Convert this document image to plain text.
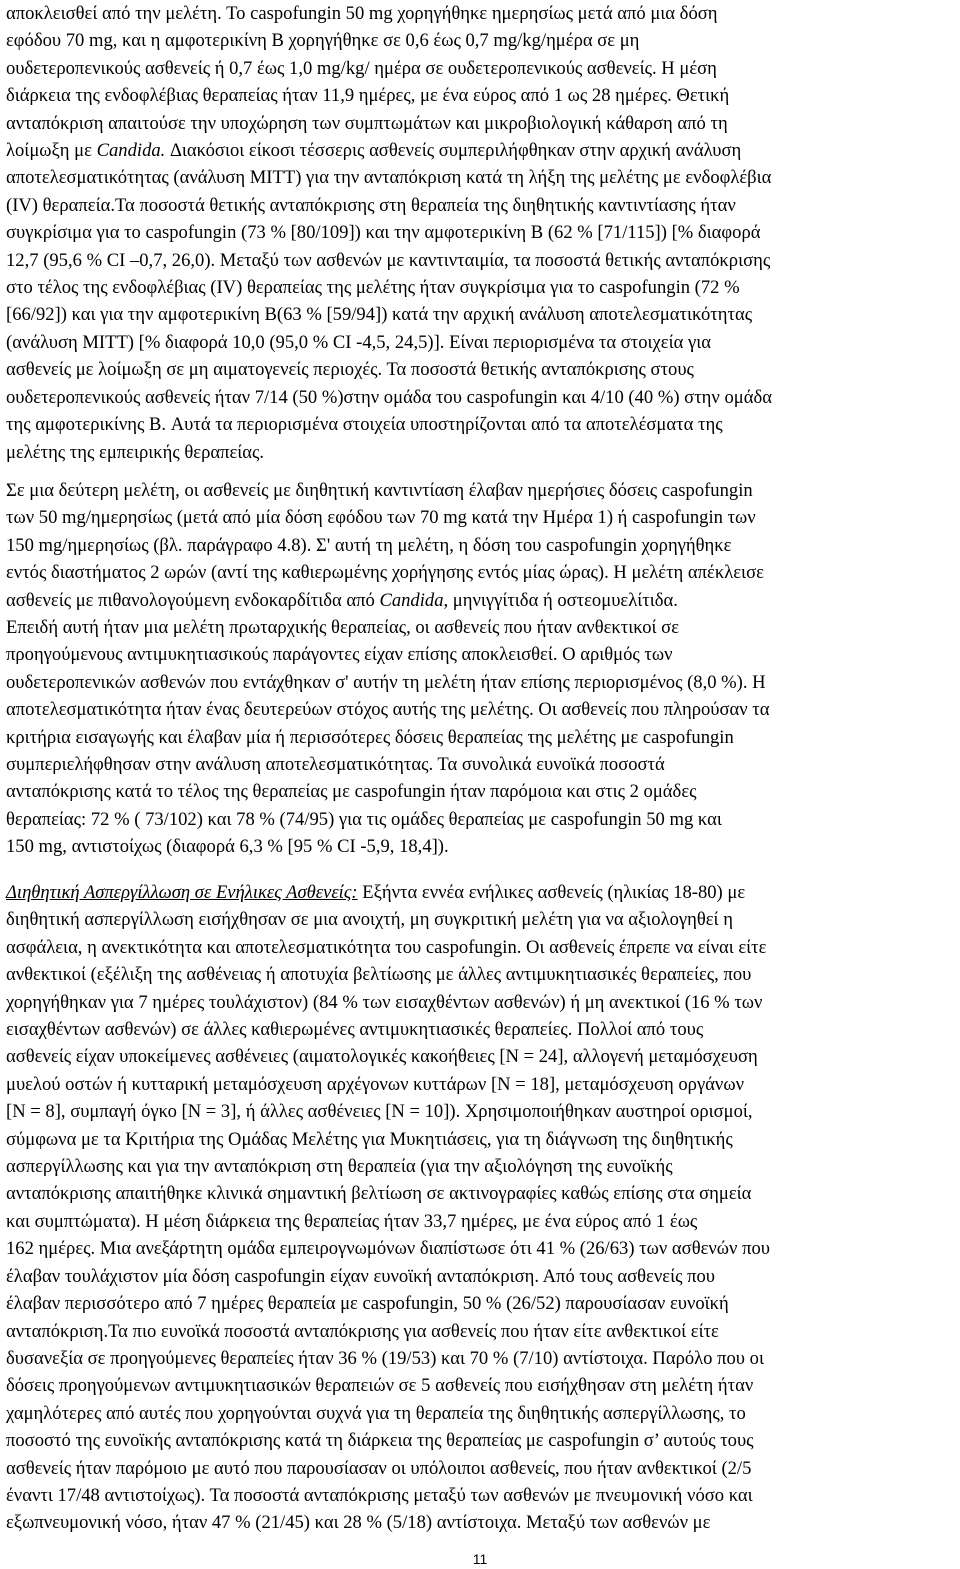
αποκλεισθεί από την μελέτη. Το caspofungin 50 mg χορηγήθηκε ημερησίως μετά από μια δόση
εφόδου 70 mg, και η αμφοτερικίνη B χορηγήθηκε σε 0,6 έως 0,7 mg/kg/ημέρα σε μη
ουδετεροπενικούς ασθενείς ή 0,7 έως 1,0 mg/kg/ ημέρα σε ουδετεροπενικούς ασθενείς. Η μέση
διάρκεια της ενδοφλέβιας θεραπείας ήταν 11,9 ημέρες, με ένα εύρος από 1 ως 28 ημέρες. Θετική
ανταπόκριση απαιτούσε την υποχώρηση των συμπτωμάτων και μικροβιολογική κάθαρση από τη
λοίμωξη με Candida. Διακόσιοι είκοσι τέσσερις ασθενείς συμπεριλήφθηκαν στην αρχική ανάλυση
αποτελεσματικότητας (ανάλυση MITT) για την ανταπόκριση κατά τη λήξη της μελέτης με ενδοφλέβια
(IV) θεραπεία.Τα ποσοστά θετικής ανταπόκρισης στη θεραπεία της διηθητικής καντιντίασης ήταν
συγκρίσιμα για το caspofungin (73 % [80/109]) και την αμφοτερικίνη B (62 % [71/115]) [% διαφορά
12,7 (95,6 % CI –0,7, 26,0). Μεταξύ των ασθενών με καντινταιμία, τα ποσοστά θετικής ανταπόκρισης
στο τέλος της ενδοφλέβιας (IV) θεραπείας της μελέτης ήταν συγκρίσιμα για το caspofungin (72 %
[66/92]) και για την αμφοτερικίνη B(63 % [59/94]) κατά την αρχική ανάλυση αποτελεσματικότητας
(ανάλυση MITT) [% διαφορά 10,0 (95,0 % CI -4,5, 24,5)]. Είναι περιορισμένα τα στοιχεία για
ασθενείς με λοίμωξη σε μη αιματογενείς περιοχές. Τα ποσοστά θετικής ανταπόκρισης στους
ουδετεροπενικούς ασθενείς ήταν 7/14 (50 %)στην ομάδα του caspofungin και 4/10 (40 %) στην ομάδα
της αμφοτερικίνης B. Αυτά τα περιορισμένα στοιχεία υποστηρίζονται από τα αποτελέσματα της
μελέτης της εμπειρικής θεραπείας.
Σε μια δεύτερη μελέτη, οι ασθενείς με διηθητική καντιντίαση έλαβαν ημερήσιες δόσεις caspofungin
των 50 mg/ημερησίως (μετά από μία δόση εφόδου των 70 mg κατά την Ημέρα 1) ή caspofungin των
150 mg/ημερησίως (βλ. παράγραφο 4.8). Σ' αυτή τη μελέτη, η δόση του caspofungin χορηγήθηκε
εντός διαστήματος 2 ωρών (αντί της καθιερωμένης χορήγησης εντός μίας ώρας). Η μελέτη απέκλεισε
ασθενείς με πιθανολογούμενη ενδοκαρδίτιδα από Candida, μηνιγγίτιδα ή οστεομυελίτιδα.
Επειδή αυτή ήταν μια μελέτη πρωταρχικής θεραπείας, οι ασθενείς που ήταν ανθεκτικοί σε
προηγούμενους αντιμυκητιασικούς παράγοντες είχαν επίσης αποκλεισθεί. Ο αριθμός των
ουδετεροπενικών ασθενών που εντάχθηκαν σ' αυτήν τη μελέτη ήταν επίσης περιορισμένος (8,0 %). Η
αποτελεσματικότητα ήταν ένας δευτερεύων στόχος αυτής της μελέτης. Οι ασθενείς που πληρούσαν τα
κριτήρια εισαγωγής και έλαβαν μία ή περισσότερες δόσεις θεραπείας της μελέτης με caspofungin
συμπεριελήφθησαν στην ανάλυση αποτελεσματικότητας. Τα συνολικά ευνοϊκά ποσοστά
ανταπόκρισης κατά το τέλος της θεραπείας με caspofungin ήταν παρόμοια και στις 2 ομάδες
θεραπείας: 72 % ( 73/102) και 78 % (74/95) για τις ομάδες θεραπείας με caspofungin 50 mg και
150 mg, αντιστοίχως (διαφορά 6,3 % [95 % CI -5,9, 18,4]).
Διηθητική Ασπεργίλλωση σε Ενήλικες Ασθενείς: Εξήντα εννέα ενήλικες ασθενείς (ηλικίας 18-80) με
διηθητική ασπεργίλλωση εισήχθησαν σε μια ανοιχτή, μη συγκριτική μελέτη για να αξιολογηθεί η
ασφάλεια, η ανεκτικότητα και αποτελεσματικότητα του caspofungin. Οι ασθενείς έπρεπε να είναι είτε
ανθεκτικοί (εξέλιξη της ασθένειας ή αποτυχία βελτίωσης με άλλες αντιμυκητιασικές θεραπείες, που
χορηγήθηκαν για 7 ημέρες τουλάχιστον) (84 % των εισαχθέντων ασθενών) ή μη ανεκτικοί (16 % των
εισαχθέντων ασθενών) σε άλλες καθιερωμένες αντιμυκητιασικές θεραπείες. Πολλοί από τους
ασθενείς είχαν υποκείμενες ασθένειες (αιματολογικές κακοήθειες [N = 24], αλλογενή μεταμόσχευση
μυελού οστών ή κυτταρική μεταμόσχευση αρχέγονων κυττάρων [N = 18], μεταμόσχευση οργάνων
[N = 8], συμπαγή όγκο [N = 3], ή άλλες ασθένειες [N = 10]). Χρησιμοποιήθηκαν αυστηροί ορισμοί,
σύμφωνα με τα Κριτήρια της Ομάδας Μελέτης για Μυκητιάσεις, για τη διάγνωση της διηθητικής
ασπεργίλλωσης και για την ανταπόκριση στη θεραπεία (για την αξιολόγηση της ευνοϊκής
ανταπόκρισης απαιτήθηκε κλινικά σημαντική βελτίωση σε ακτινογραφίες καθώς επίσης στα σημεία
και συμπτώματα). Η μέση διάρκεια της θεραπείας ήταν 33,7 ημέρες, με ένα εύρος από 1 έως
162 ημέρες. Μια ανεξάρτητη ομάδα εμπειρογνωμόνων διαπίστωσε ότι 41 % (26/63) των ασθενών που
έλαβαν τουλάχιστον μία δόση caspofungin είχαν ευνοϊκή ανταπόκριση. Από τους ασθενείς που
έλαβαν περισσότερο από 7 ημέρες θεραπεία με caspofungin, 50 % (26/52) παρουσίασαν ευνοϊκή
ανταπόκριση.Τα πιο ευνοϊκά ποσοστά ανταπόκρισης για ασθενείς που ήταν είτε ανθεκτικοί είτε
δυσανεξία σε προηγούμενες θεραπείες ήταν 36 % (19/53) και 70 % (7/10) αντίστοιχα. Παρόλο που οι
δόσεις προηγούμενων αντιμυκητιασικών θεραπειών σε 5 ασθενείς που εισήχθησαν στη μελέτη ήταν
χαμηλότερες από αυτές που χορηγούνται συχνά για τη θεραπεία της διηθητικής ασπεργίλλωσης, το
ποσοστό της ευνοϊκής ανταπόκρισης κατά τη διάρκεια της θεραπείας με caspofungin σ’ αυτούς τους
ασθενείς ήταν παρόμοιο με αυτό που παρουσίασαν οι υπόλοιποι ασθενείς, που ήταν ανθεκτικοί (2/5
έναντι 17/48 αντιστοίχως). Τα ποσοστά ανταπόκρισης μεταξύ των ασθενών με πνευμονική νόσο και
εξωπνευμονική νόσο, ήταν 47 % (21/45) και 28 % (5/18) αντίστοιχα. Μεταξύ των ασθενών με
11
